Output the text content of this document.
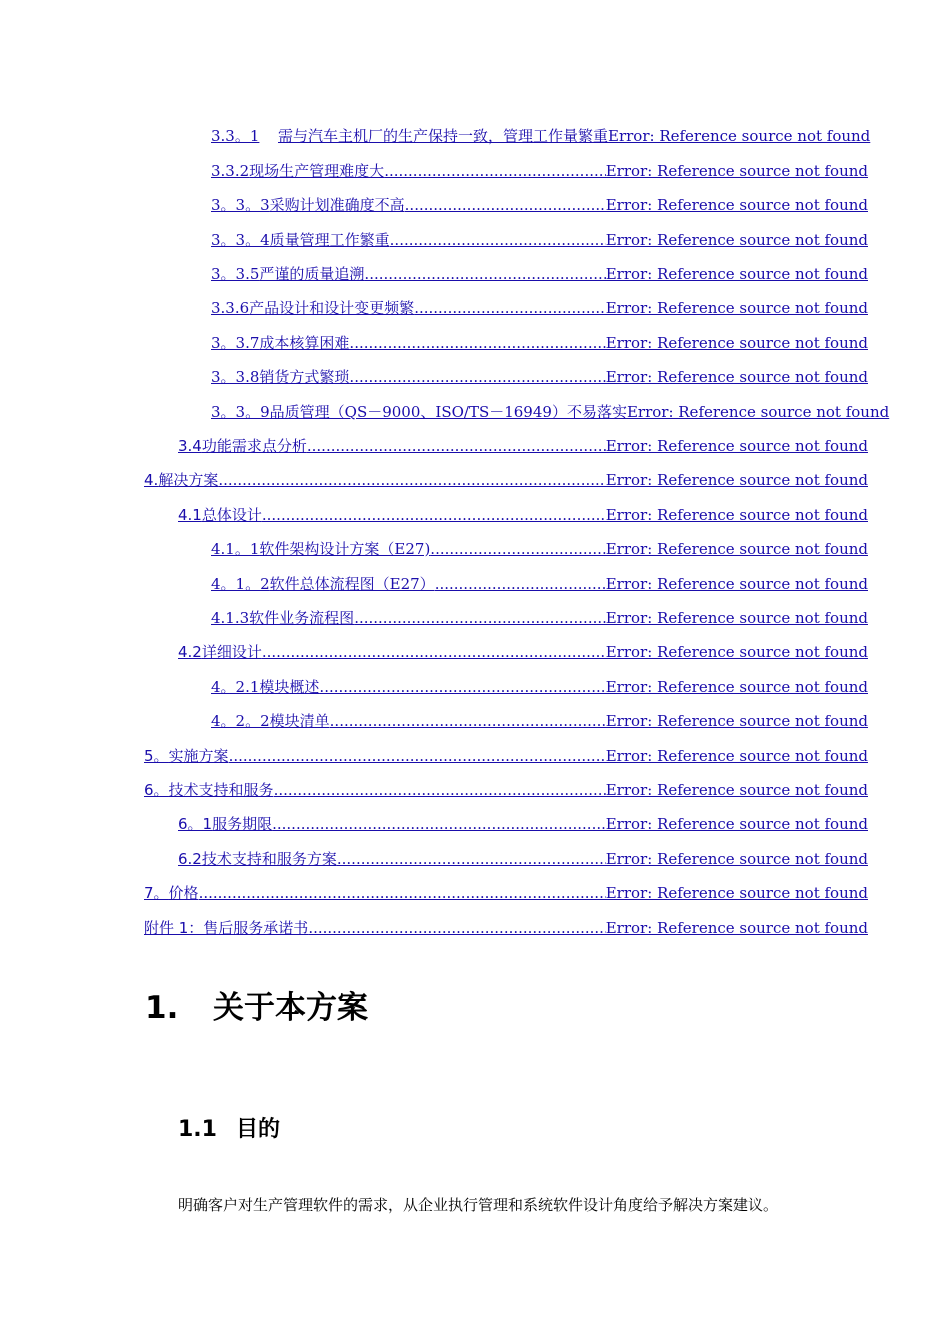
3.3。1	需与汽车主机厂的生产保持一致，管理工作量繁重 Error: Reference source not found
3.3.2 现场生产管理难度大 .....	Error: Reference source not found
3。3。3 采购计划准确度不高 .....	Error: Reference source not found
3。3。4 质量管理工作繁重 .....	Error: Reference source not found
3。3.5 严谨的质量追溯 .....	Error: Reference source not found
3.3.6 产品设计和设计变更频繁 .....	Error: Reference source not found
3。3.7 成本核算困难 .....	Error: Reference source not found
3。3.8 销货方式繁琐 .....	Error: Reference source not found
3。3。9 品质管理（QS－9000、ISO/TS－16949）不易落实 Error: Reference source not found
3.4 功能需求点分析 .....	Error: Reference source not found
4. 解决方案 .....	Error: Reference source not found
4.1 总体设计 .....	Error: Reference source not found
4.1。1 软件架构设计方案（E27) .....	Error: Reference source not found
4。1。2 软件总体流程图（E27） .....	Error: Reference source not found
4.1.3 软件业务流程图 .....	Error: Reference source not found
4.2 详细设计 .....	Error: Reference source not found
4。2.1 模块概述 .....	Error: Reference source not found
4。2。2 模块清单 .....	Error: Reference source not found
5。 实施方案 .....	Error: Reference source not found
6。 技术支持和服务 .....	Error: Reference source not found
6。1 服务期限 .....	Error: Reference source not found
6.2 技术支持和服务方案 .....	Error: Reference source not found
7。 价格 .....	Error: Reference source not found
附件 1：售后服务承诺书 .....	Error: Reference source not found
1. 关于本方案
1.1 目的
明确客户对生产管理软件的需求，从企业执行管理和系统软件设计角度给予解决方案建议。
